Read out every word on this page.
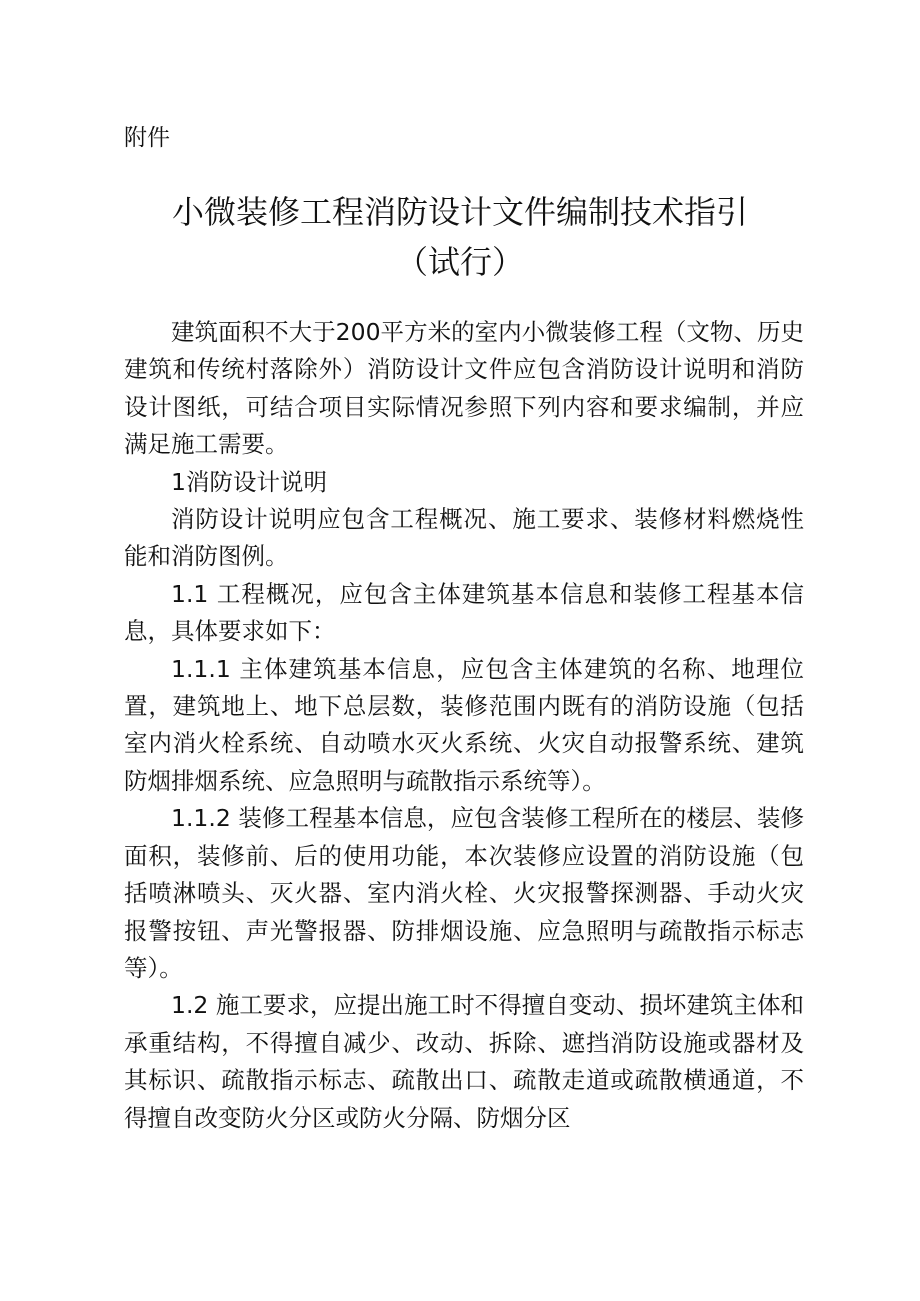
附件
小微装修工程消防设计文件编制技术指引
（试行）

建筑面积不大于200平方米的室内小微装修工程（文物、历史建筑和传统村落除外）消防设计文件应包含消防设计说明和消防设计图纸，可结合项目实际情况参照下列内容和要求编制，并应满足施工需要。

1消防设计说明

消防设计说明应包含工程概况、施工要求、装修材料燃烧性能和消防图例。

1.1 工程概况，应包含主体建筑基本信息和装修工程基本信息，具体要求如下：

1.1.1 主体建筑基本信息，应包含主体建筑的名称、地理位置，建筑地上、地下总层数，装修范围内既有的消防设施（包括室内消火栓系统、自动喷水灭火系统、火灾自动报警系统、建筑防烟排烟系统、应急照明与疏散指示系统等）。

1.1.2 装修工程基本信息，应包含装修工程所在的楼层、装修面积，装修前、后的使用功能，本次装修应设置的消防设施（包括喷淋喷头、灭火器、室内消火栓、火灾报警探测器、手动火灾报警按钮、声光警报器、防排烟设施、应急照明与疏散指示标志等）。

1.2 施工要求，应提出施工时不得擅自变动、损坏建筑主体和承重结构，不得擅自减少、改动、拆除、遮挡消防设施或器材及其标识、疏散指示标志、疏散出口、疏散走道或疏散横通道，不得擅自改变防火分区或防火分隔、防烟分区
